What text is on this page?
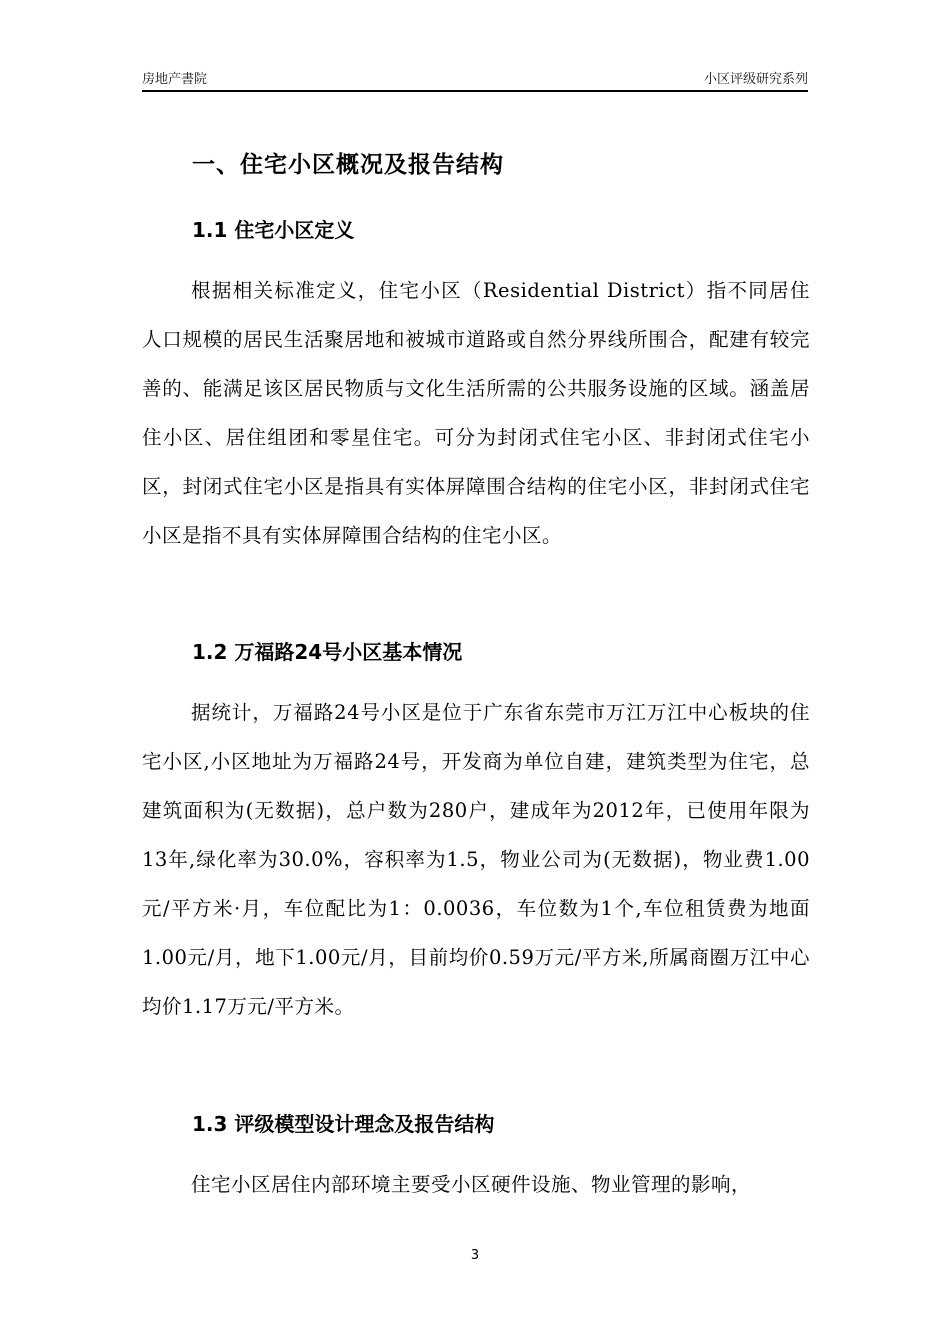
房地产書院	小区评级研究系列
一、住宅小区概况及报告结构
1.1 住宅小区定义
根据相关标准定义，住宅小区（Residential District）指不同居住人口规模的居民生活聚居地和被城市道路或自然分界线所围合，配建有较完善的、能满足该区居民物质与文化生活所需的公共服务设施的区域。涵盖居住小区、居住组团和零星住宅。可分为封闭式住宅小区、非封闭式住宅小区，封闭式住宅小区是指具有实体屏障围合结构的住宅小区，非封闭式住宅小区是指不具有实体屏障围合结构的住宅小区。
1.2 万福路24号小区基本情况
据统计，万福路24号小区是位于广东省东莞市万江万江中心板块的住宅小区,小区地址为万福路24号，开发商为单位自建，建筑类型为住宅，总建筑面积为(无数据)，总户数为280户，建成年为2012年，已使用年限为13年,绿化率为30.0%，容积率为1.5，物业公司为(无数据)，物业费1.00元/平方米·月，车位配比为1：0.0036，车位数为1个,车位租赁费为地面1.00元/月，地下1.00元/月，目前均价0.59万元/平方米,所属商圈万江中心均价1.17万元/平方米。
1.3 评级模型设计理念及报告结构
住宅小区居住内部环境主要受小区硬件设施、物业管理的影响，
3
